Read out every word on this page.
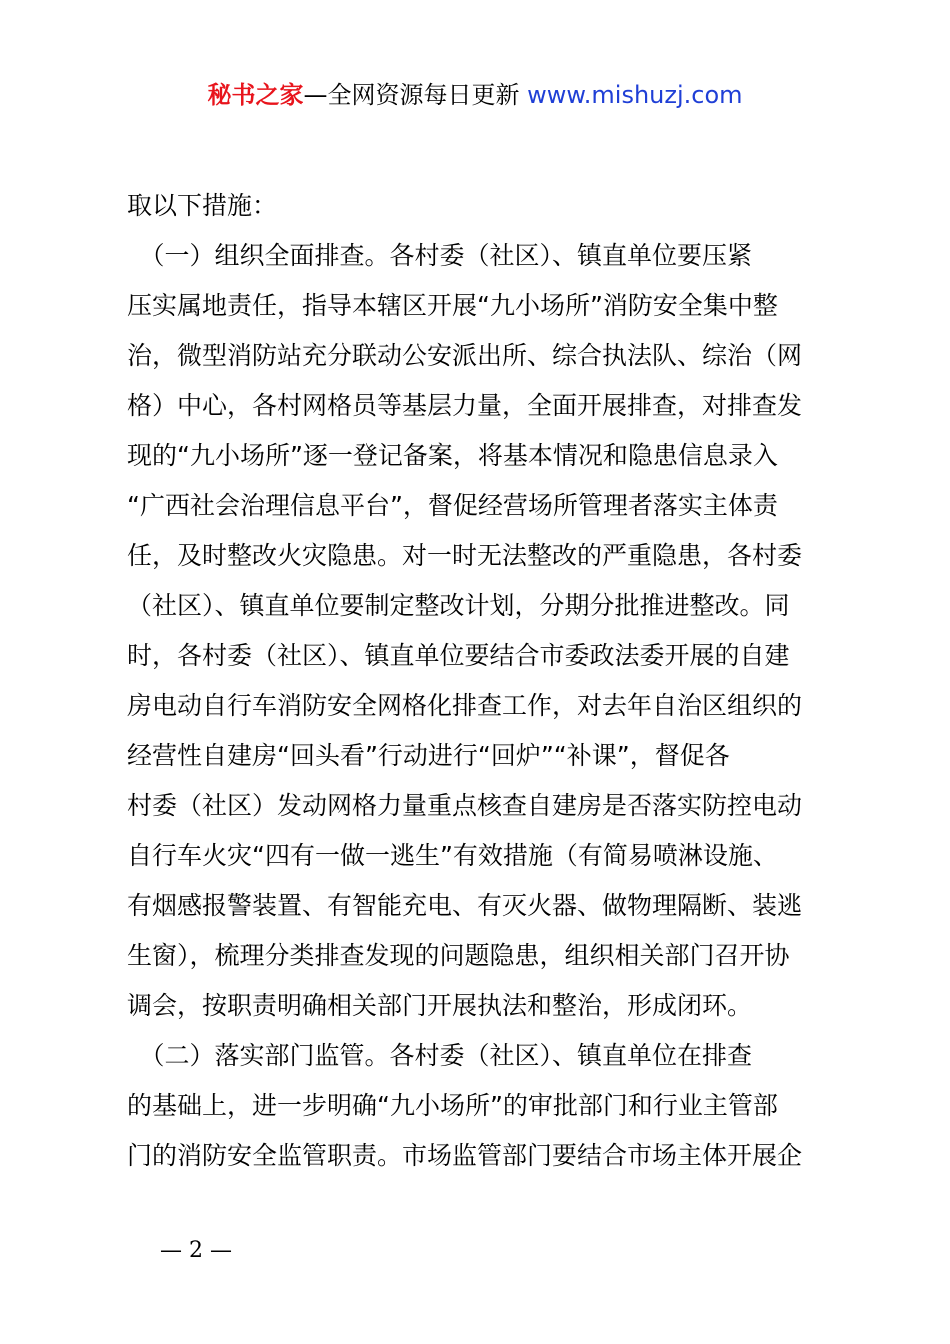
秘书之家—全网资源每日更新 www.mishuzj.com
取以下措施：
　（一）组织全面排查。各村委（社区）、镇直单位要压紧
压实属地责任，指导本辖区开展“九小场所”消防安全集中整
治，微型消防站充分联动公安派出所、综合执法队、综治（网
格）中心，各村网格员等基层力量，全面开展排查，对排查发
现的“九小场所”逐一登记备案，将基本情况和隐患信息录入
“广西社会治理信息平台”，督促经营场所管理者落实主体责
任，及时整改火灾隐患。对一时无法整改的严重隐患，各村委
（社区）、镇直单位要制定整改计划，分期分批推进整改。同
时，各村委（社区）、镇直单位要结合市委政法委开展的自建
房电动自行车消防安全网格化排查工作，对去年自治区组织的
经营性自建房“回头看”行动进行“回炉”“补课”，督促各
村委（社区）发动网格力量重点核查自建房是否落实防控电动
自行车火灾“四有一做一逃生”有效措施（有简易喷淋设施、
有烟感报警装置、有智能充电、有灭火器、做物理隔断、装逃
生窗），梳理分类排查发现的问题隐患，组织相关部门召开协
调会，按职责明确相关部门开展执法和整治，形成闭环。
　（二）落实部门监管。各村委（社区）、镇直单位在排查
的基础上，进一步明确“九小场所”的审批部门和行业主管部
门的消防安全监管职责。市场监管部门要结合市场主体开展企
— 2 —
